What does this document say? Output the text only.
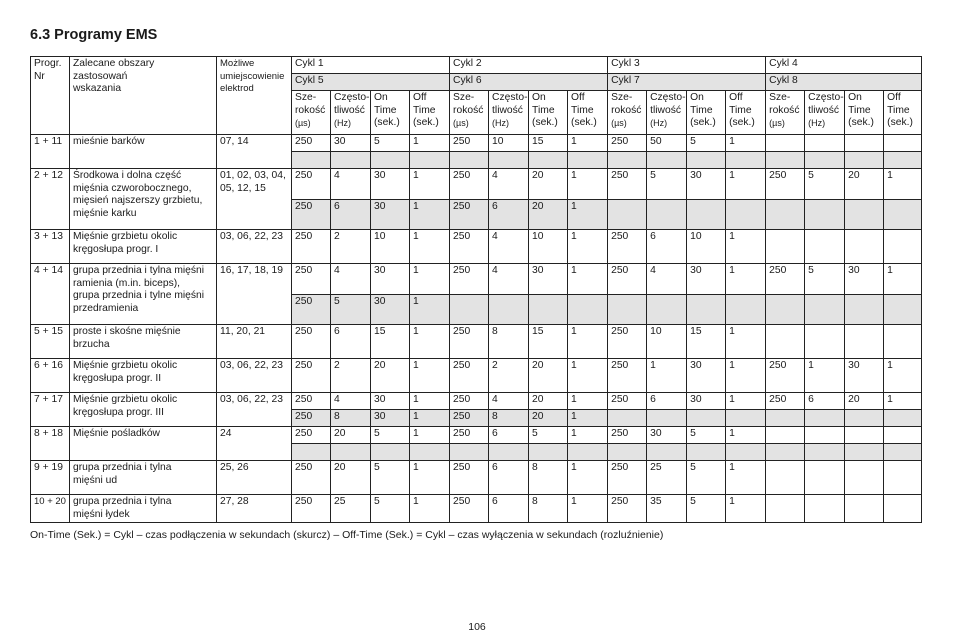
6.3 Programy EMS
Progr.
Nr	Zalecane obszary
zastosowań
wskazania	Możliwe
umiejscowienie
elektrod	Cykl 1				Cykl 2				Cykl 3				Cykl 4			
			Cykl 5				Cykl 6				Cykl 7				Cykl 8			
			Sze-
rokość
(µs)	Często-
tliwość
(Hz)	On
Time
(sek.)	Off
Time
(sek.)	Sze-
rokość
(µs)	Często-
tliwość
(Hz)	On
Time
(sek.)	Off
Time
(sek.)	Sze-
rokość
(µs)	Często-
tliwość
(Hz)	On
Time
(sek.)	Off
Time
(sek.)	Sze-
rokość
(µs)	Często-
tliwość
(Hz)	On
Time
(sek.)	Off
Time
(sek.)
1 + 11	mieśnie barków	07, 14	250	30	5	1	250	10	15	1	250	50	5	1				

2 + 12	Środkowa i dolna część
mięśnia czworobocznego,
mięsień najszerszy grzbietu,
mięśnie karku	01, 02, 03, 04,
05, 12, 15	250	4	30	1	250	4	20	1	250	5	30	1	250	5	20	1
			250	6	30	1	250	6	20	1								
3 + 13	Mięśnie grzbietu okolic
kręgosłupa progr. I	03, 06, 22, 23	250	2	10	1	250	4	10	1	250	6	10	1				
4 + 14	grupa przednia i tylna mięśni
ramienia (m.in. biceps),
grupa przednia i tylne mięśni
przedramienia	16, 17, 18, 19	250	4	30	1	250	4	30	1	250	4	30	1	250	5	30	1
			250	5	30	1												
5 + 15	proste i skośne mięśnie
brzucha	11, 20, 21	250	6	15	1	250	8	15	1	250	10	15	1				
6 + 16	Mięśnie grzbietu okolic
kręgosłupa progr. II	03, 06, 22, 23	250	2	20	1	250	2	20	1	250	1	30	1	250	1	30	1
7 + 17	Mięśnie grzbietu okolic
kręgosłupa progr. III	03, 06, 22, 23	250	4	30	1	250	4	20	1	250	6	30	1	250	6	20	1
			250	8	30	1	250	8	20	1								
8 + 18	Mięśnie pośladków	24	250	20	5	1	250	6	5	1	250	30	5	1				

9 + 19	grupa przednia i tylna
mięśni ud	25, 26	250	20	5	1	250	6	8	1	250	25	5	1				
10 + 20	grupa przednia i tylna
mięśni łydek	27, 28	250	25	5	1	250	6	8	1	250	35	5	1				
On-Time (Sek.) = Cykl – czas podłączenia w sekundach (skurcz) – Off-Time (Sek.) = Cykl – czas wyłączenia w sekundach (rozluźnienie)
106
